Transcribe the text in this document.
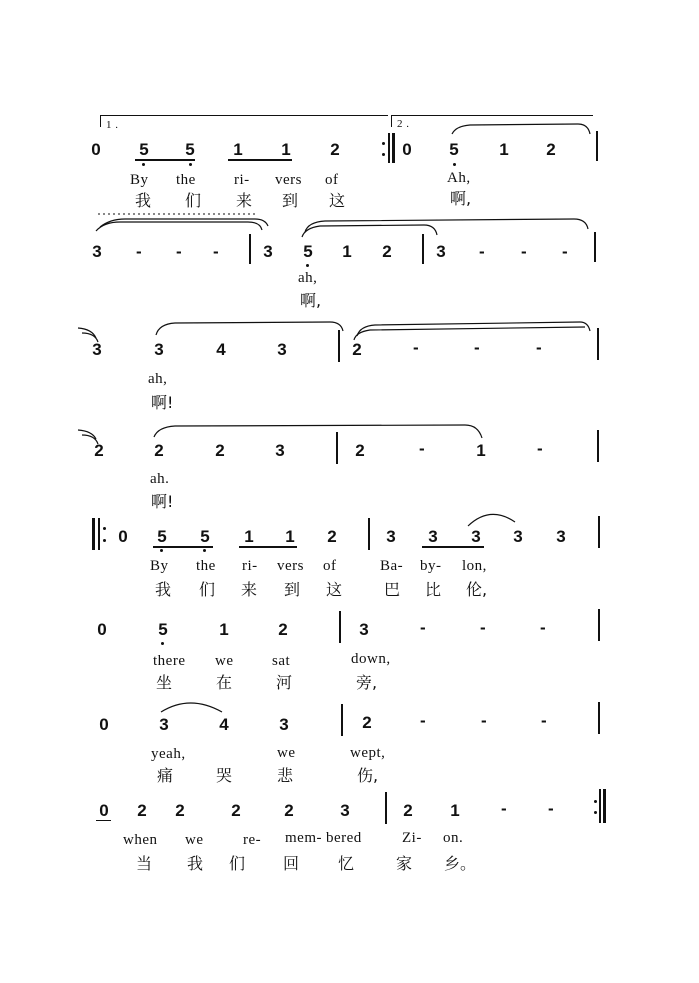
1 .	2 .
0 5 5 1 1 2	0 5 1 2
By the	ri- vers of	Ah,
我 们 来 到 这	啊,
3 - - -	3 5 1 2	3 - - -
ah,
啊,
3	3	4	3	2	-	-	-
ah,
啊!
2	2	2	3	2	-	1	-
ah.
啊!
0 5 5 1 1 2	3 3 3 3 3
By the ri- vers of	Ba- by- lon,
我 们 来 到 这	巴 比 伦,
0	5	1	2	3	-	-	-
there we	sat	down,
坐	在	河	旁,
0	3	4	3	2	-	-	-
yeah,	we	wept,
痛	哭	悲	伤,
0 2 2	2	2	3	2 1 - -
when we	re- mem- bered	Zi- on.
当 我 们 回 忆	家 乡。
